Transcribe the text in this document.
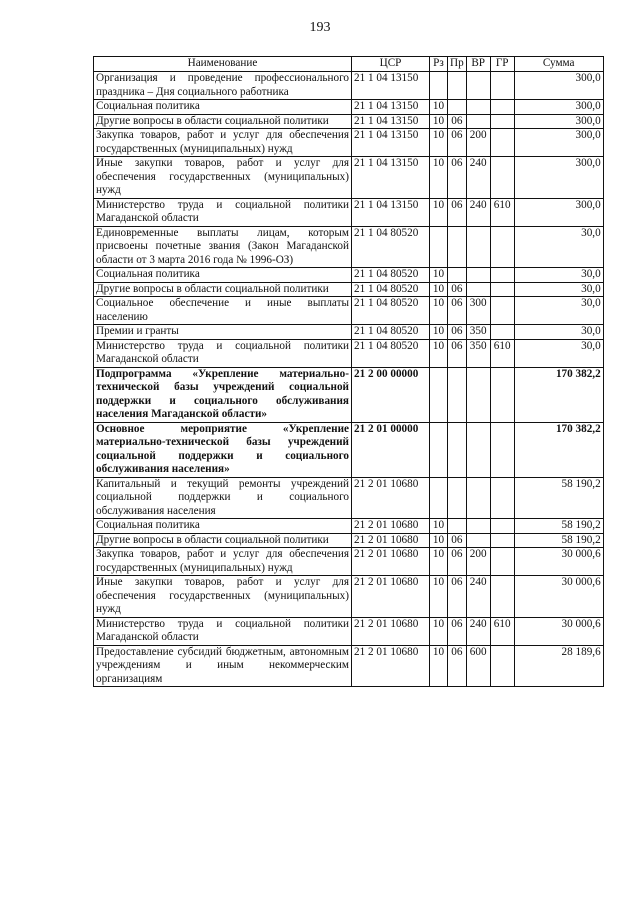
193
Наименование	ЦСР	Рз	Пр	ВР	ГР	Сумма
Организация и проведение профессионального праздника – Дня социального работника	21 1 04 13150					300,0
Социальная политика	21 1 04 13150	10				300,0
Другие вопросы в области социальной политики	21 1 04 13150	10	06			300,0
Закупка товаров, работ и услуг для обеспечения государственных (муниципальных) нужд	21 1 04 13150	10	06	200		300,0
Иные закупки товаров, работ и услуг для обеспечения государственных (муниципальных) нужд	21 1 04 13150	10	06	240		300,0
Министерство труда и социальной политики Магаданской области	21 1 04 13150	10	06	240	610	300,0
Единовременные выплаты лицам, которым присвоены почетные звания (Закон Магаданской области от 3 марта 2016 года № 1996-ОЗ)	21 1 04 80520					30,0
Социальная политика	21 1 04 80520	10				30,0
Другие вопросы в области социальной политики	21 1 04 80520	10	06			30,0
Социальное обеспечение и иные выплаты населению	21 1 04 80520	10	06	300		30,0
Премии и гранты	21 1 04 80520	10	06	350		30,0
Министерство труда и социальной политики Магаданской области	21 1 04 80520	10	06	350	610	30,0
Подпрограмма «Укрепление материально-технической базы учреждений социальной поддержки и социального обслуживания населения Магаданской области»	21 2 00 00000					170 382,2
Основное мероприятие «Укрепление материально-технической базы учреждений социальной поддержки и социального обслуживания населения»	21 2 01 00000					170 382,2
Капитальный и текущий ремонты учреждений социальной поддержки и социального обслуживания населения	21 2 01 10680					58 190,2
Социальная политика	21 2 01 10680	10				58 190,2
Другие вопросы в области социальной политики	21 2 01 10680	10	06			58 190,2
Закупка товаров, работ и услуг для обеспечения государственных (муниципальных) нужд	21 2 01 10680	10	06	200		30 000,6
Иные закупки товаров, работ и услуг для обеспечения государственных (муниципальных) нужд	21 2 01 10680	10	06	240		30 000,6
Министерство труда и социальной политики Магаданской области	21 2 01 10680	10	06	240	610	30 000,6
Предоставление субсидий бюджетным, автономным учреждениям и иным некоммерческим организациям	21 2 01 10680	10	06	600		28 189,6
